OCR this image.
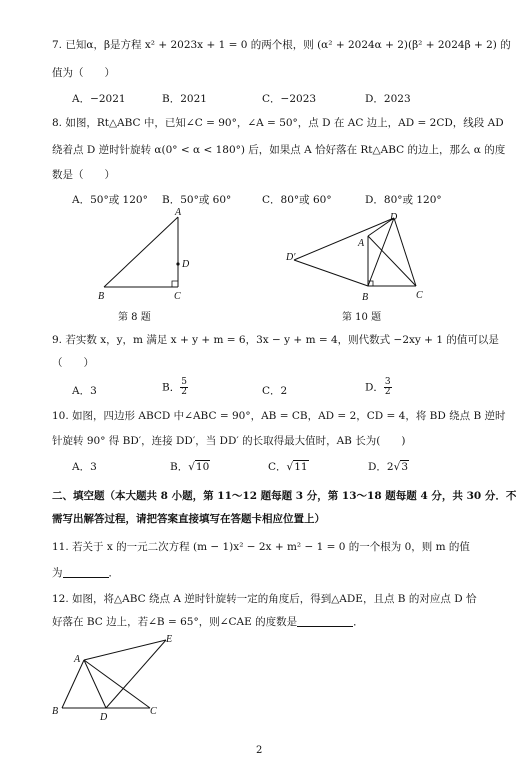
7. 已知α，β是方程 x² + 2023x + 1 = 0 的两个根，则 (α² + 2024α + 2)(β² + 2024β + 2) 的
值为（　　）
A．−2021	B．2021	C．−2023	D．2023
8. 如图，Rt△ABC 中，已知∠C = 90°，∠A = 50°，点 D 在 AC 边上，AD = 2CD，线段 AD
绕着点 D 逆时针旋转 α(0° < α < 180°) 后，如果点 A 恰好落在 Rt△ABC 的边上，那么 α 的度
数是（　　）
A．50°或 120° B．50°或 60°	C．80°或 60°	D．80°或 120°
A
B	C
D
第 8 题
D
A
D′
B	C
第 10 题
9. 若实数 x，y，m 满足 x + y + m = 6，3x − y + m = 4，则代数式 −2xy + 1 的值可以是
（　　）
A．3	B． $\frac{5}{2}$	C．2	D． $\frac{3}{2}$
10. 如图，四边形 ABCD 中∠ABC = 90°，AB = CB，AD = 2，CD = 4，将 BD 绕点 B 逆时
针旋转 90° 得 BD′，连接 DD′，当 DD′ 的长取得最大值时，AB 长为(　　)
A．3	B．√10	C．√11	D．2√3
二、填空题（本大题共 8 小题，第 11～12 题每题 3 分，第 13～18 题每题 4 分，共 30 分．不
需写出解答过程，请把答案直接填写在答题卡相应位置上）
11. 若关于 x 的一元二次方程 (m − 1)x² − 2x + m² − 1 = 0 的一个根为 0，则 m 的值
为	．
12. 如图，将△ABC 绕点 A 逆时针旋转一定的角度后，得到△ADE，且点 B 的对应点 D 恰
好落在 BC 边上，若∠B = 65°，则∠CAE 的度数是	．
A
B
D
C
E
2
